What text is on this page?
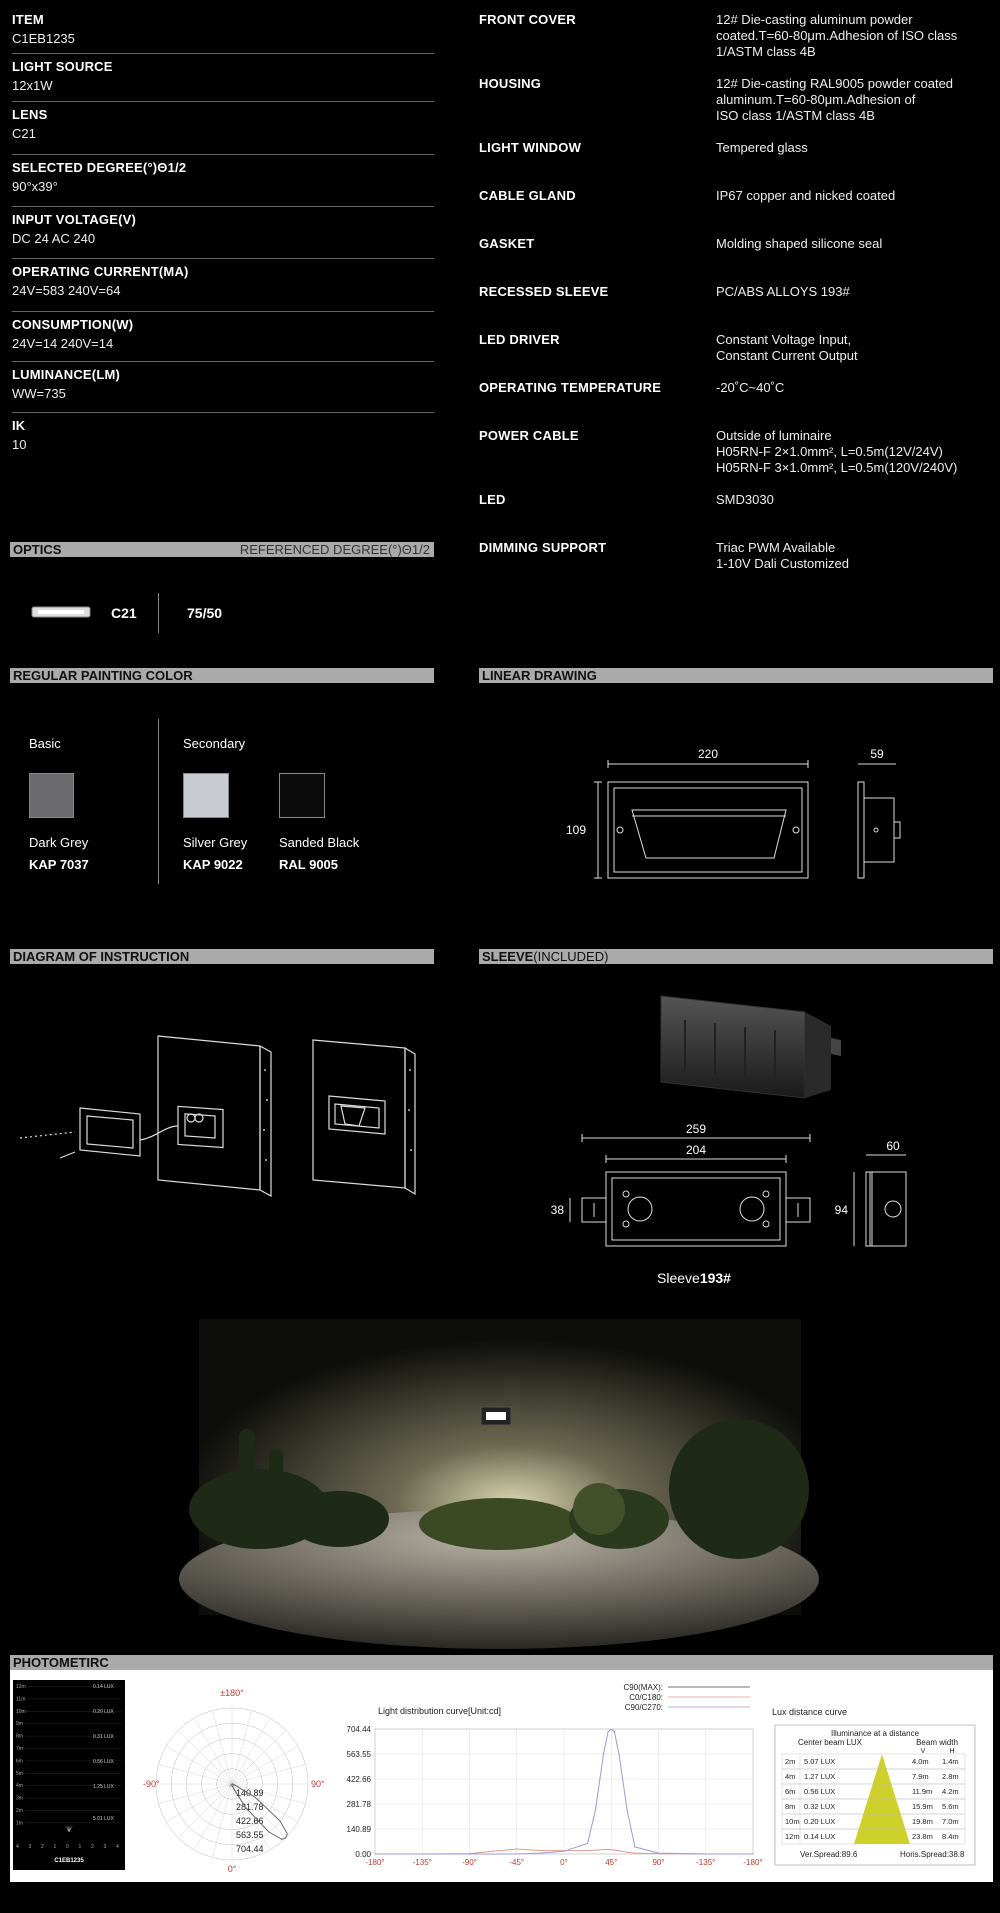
ITEM
C1EB1235
LIGHT SOURCE
12x1W
LENS
C21
SELECTED DEGREE(°)Θ1/2
90°x39°
INPUT VOLTAGE(V)
DC 24 AC 240
OPERATING CURRENT(MA)
24V=583 240V=64
CONSUMPTION(W)
24V=14 240V=14
LUMINANCE(LM)
WW=735
IK
10
FRONT COVER	12# Die-casting aluminum powder
coated.T=60-80μm.Adhesion of ISO class
1/ASTM class 4B
HOUSING	12# Die-casting RAL9005 powder coated
aluminum.T=60-80μm.Adhesion of
ISO class 1/ASTM class 4B
LIGHT WINDOW	Tempered glass
CABLE GLAND	IP67 copper and nicked coated
GASKET	Molding shaped silicone seal
RECESSED SLEEVE	PC/ABS ALLOYS 193#
LED DRIVER	Constant Voltage Input,
Constant Current Output
OPERATING TEMPERATURE	-20˚C~40˚C
POWER CABLE	Outside of luminaire
H05RN-F 2×1.0mm², L=0.5m(12V/24V)
H05RN-F 3×1.0mm², L=0.5m(120V/240V)
LED	SMD3030
DIMMING SUPPORT	Triac PWM Available
1-10V Dali Customized
OPTICS	REFERENCED DEGREE(°)Θ1/2
C21	75/50
REGULAR PAINTING COLOR
Basic	Secondary
Dark Grey
KAP 7037
Silver Grey
KAP 9022
Sanded Black
RAL 9005
LINEAR DRAWING
220	59
109
DIAGRAM OF INSTRUCTION	SLEEVE(INCLUDED)
259
204	60
38	94
Sleeve193#
PHOTOMETIRC
12m
11m
10m
9m
8m
7m
6m
5m
4m
3m
2m
1m
0.14 LUX
0.20 LUX
0.31 LUX
0.56 LUX
1.25 LUX
5.01 LUX
4 3 2 1 0 1 2 3 4
C1EB1235
±180°
-90°	90°
0°
140.89
281.78
422.66
563.55
704.44
Light distribution curve[Unit:cd]
C90(MAX):
C0/C180:
C90/C270:
-180°	-135°	-90°	-45°	0°	45°	90°	-135°	-180°
0.00
140.89
281.78
422.66
563.55
704.44
Lux distance curve
Illuminance at a distance
Center beam LUX	Beam width
V	H
2m 5.07 LUX	4.0m 1.4m
4m 1.27 LUX	7.9m 2.8m
6m 0.56 LUX	11.9m 4.2m
8m 0.32 LUX	15.9m 5.6m
10m 0.20 LUX	19.8m 7.0m
12m 0.14 LUX	23.8m 8.4m
Ver.Spread:89.6	Horis.Spread:38.8
